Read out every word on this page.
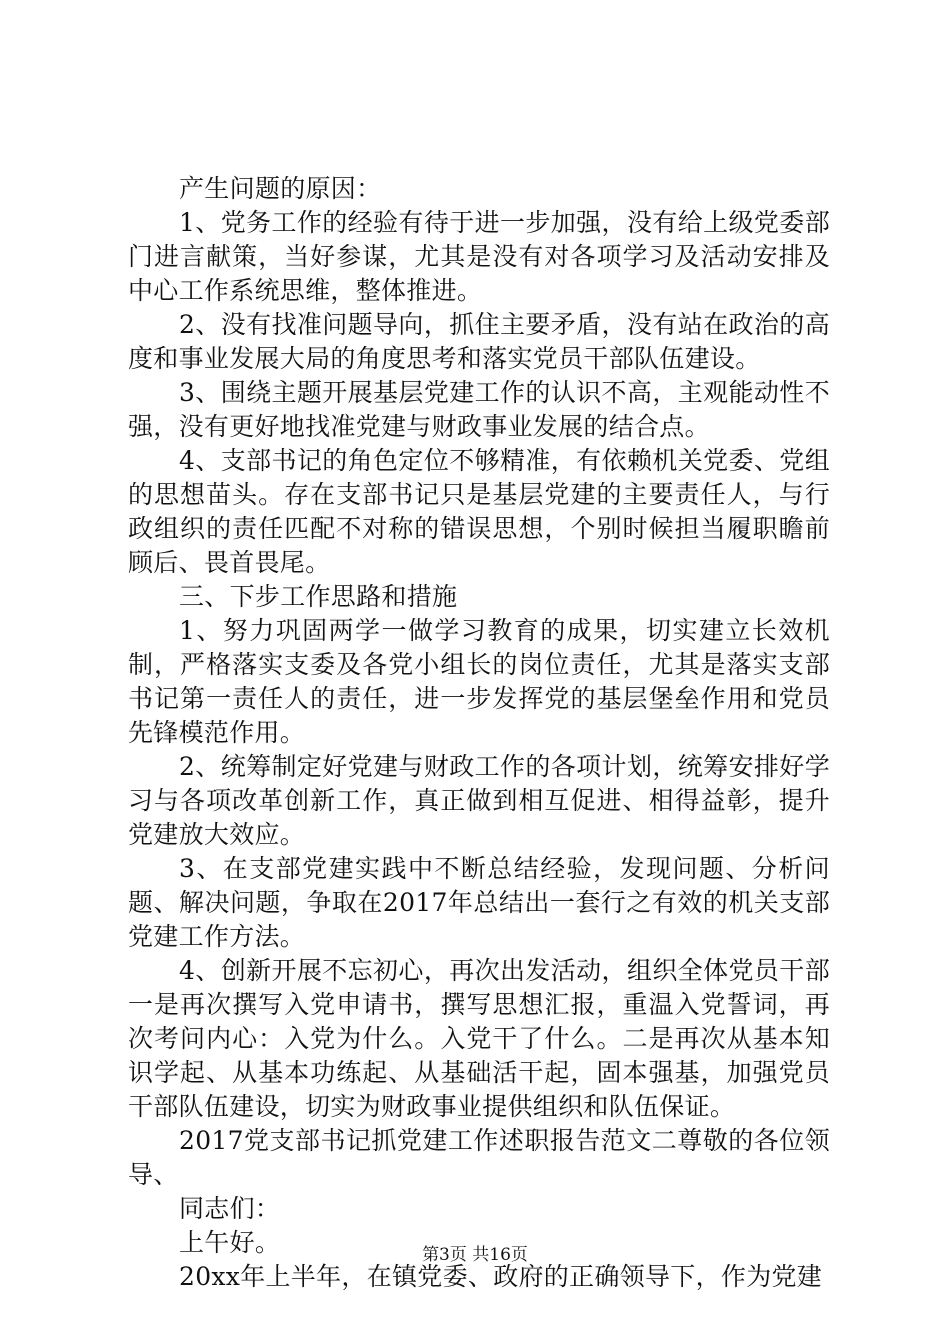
产生问题的原因：

1、党务工作的经验有待于进一步加强，没有给上级党委部门进言献策，当好参谋，尤其是没有对各项学习及活动安排及中心工作系统思维，整体推进。

2、没有找准问题导向，抓住主要矛盾，没有站在政治的高度和事业发展大局的角度思考和落实党员干部队伍建设。

3、围绕主题开展基层党建工作的认识不高，主观能动性不强，没有更好地找准党建与财政事业发展的结合点。

4、支部书记的角色定位不够精准，有依赖机关党委、党组的思想苗头。存在支部书记只是基层党建的主要责任人，与行政组织的责任匹配不对称的错误思想，个别时候担当履职瞻前顾后、畏首畏尾。

三、下步工作思路和措施

1、努力巩固两学一做学习教育的成果，切实建立长效机制，严格落实支委及各党小组长的岗位责任，尤其是落实支部书记第一责任人的责任，进一步发挥党的基层堡垒作用和党员先锋模范作用。

2、统筹制定好党建与财政工作的各项计划，统筹安排好学习与各项改革创新工作，真正做到相互促进、相得益彰，提升党建放大效应。

3、在支部党建实践中不断总结经验，发现问题、分析问题、解决问题，争取在2017年总结出一套行之有效的机关支部党建工作方法。

4、创新开展不忘初心，再次出发活动，组织全体党员干部一是再次撰写入党申请书，撰写思想汇报，重温入党誓词，再次考问内心：入党为什么。入党干了什么。二是再次从基本知识学起、从基本功练起、从基础活干起，固本强基，加强党员干部队伍建设，切实为财政事业提供组织和队伍保证。

2017党支部书记抓党建工作述职报告范文二尊敬的各位领导、

同志们：

上午好。

20xx年上半年，在镇党委、政府的正确领导下，作为党建

第3页 共16页
